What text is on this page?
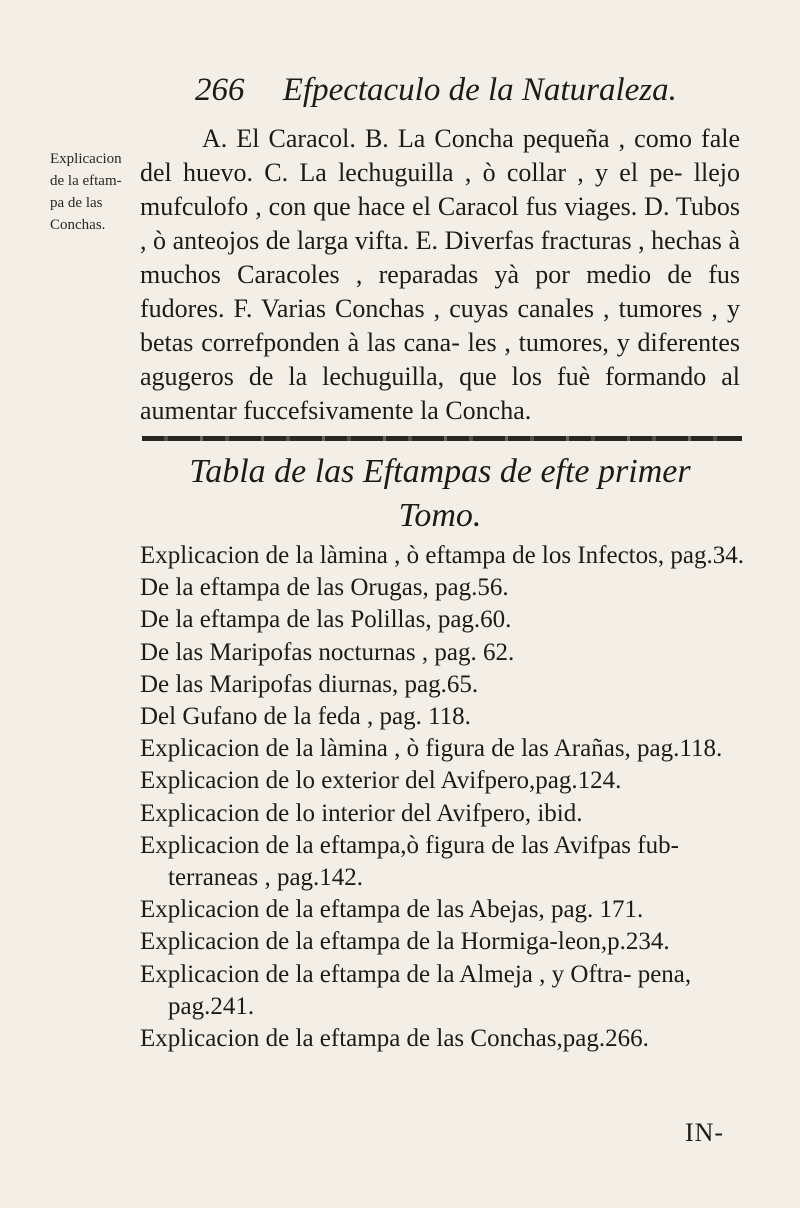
266 Efpectaculo de la Naturaleza.
Explicacion
de la eftam-
pa de las
Conchas.

A. El Caracol. B. La Concha pequeña , como fale del huevo. C. La lechuguilla , ò collar , y el pe- llejo mufculofo , con que hace el Caracol fus viages. D. Tubos , ò anteojos de larga vifta. E. Diverfas fracturas , hechas à muchos Caracoles , reparadas yà por medio de fus fudores. F. Varias Conchas , cuyas canales , tumores , y betas correfponden à las cana- les , tumores, y diferentes agugeros de la lechuguilla, que los fuè formando al aumentar fuccefsivamente la Concha.

Tabla de las Eftampas de efte primer
Tomo.
Explicacion de la làmina , ò eftampa de los Infectos, pag.34.
De la eftampa de las Orugas, pag.56.
De la eftampa de las Polillas, pag.60.
De las Maripofas nocturnas , pag. 62.
De las Maripofas diurnas, pag.65.
Del Gufano de la feda , pag. 118.
Explicacion de la làmina , ò figura de las Arañas, pag.118.
Explicacion de lo exterior del Avifpero,pag.124.
Explicacion de lo interior del Avifpero, ibid.
Explicacion de la eftampa,ò figura de las Avifpas fub- terraneas , pag.142.
Explicacion de la eftampa de las Abejas, pag. 171.
Explicacion de la eftampa de la Hormiga-leon,p.234.
Explicacion de la eftampa de la Almeja , y Oftra- pena, pag.241.
Explicacion de la eftampa de las Conchas,pag.266.
IN-
